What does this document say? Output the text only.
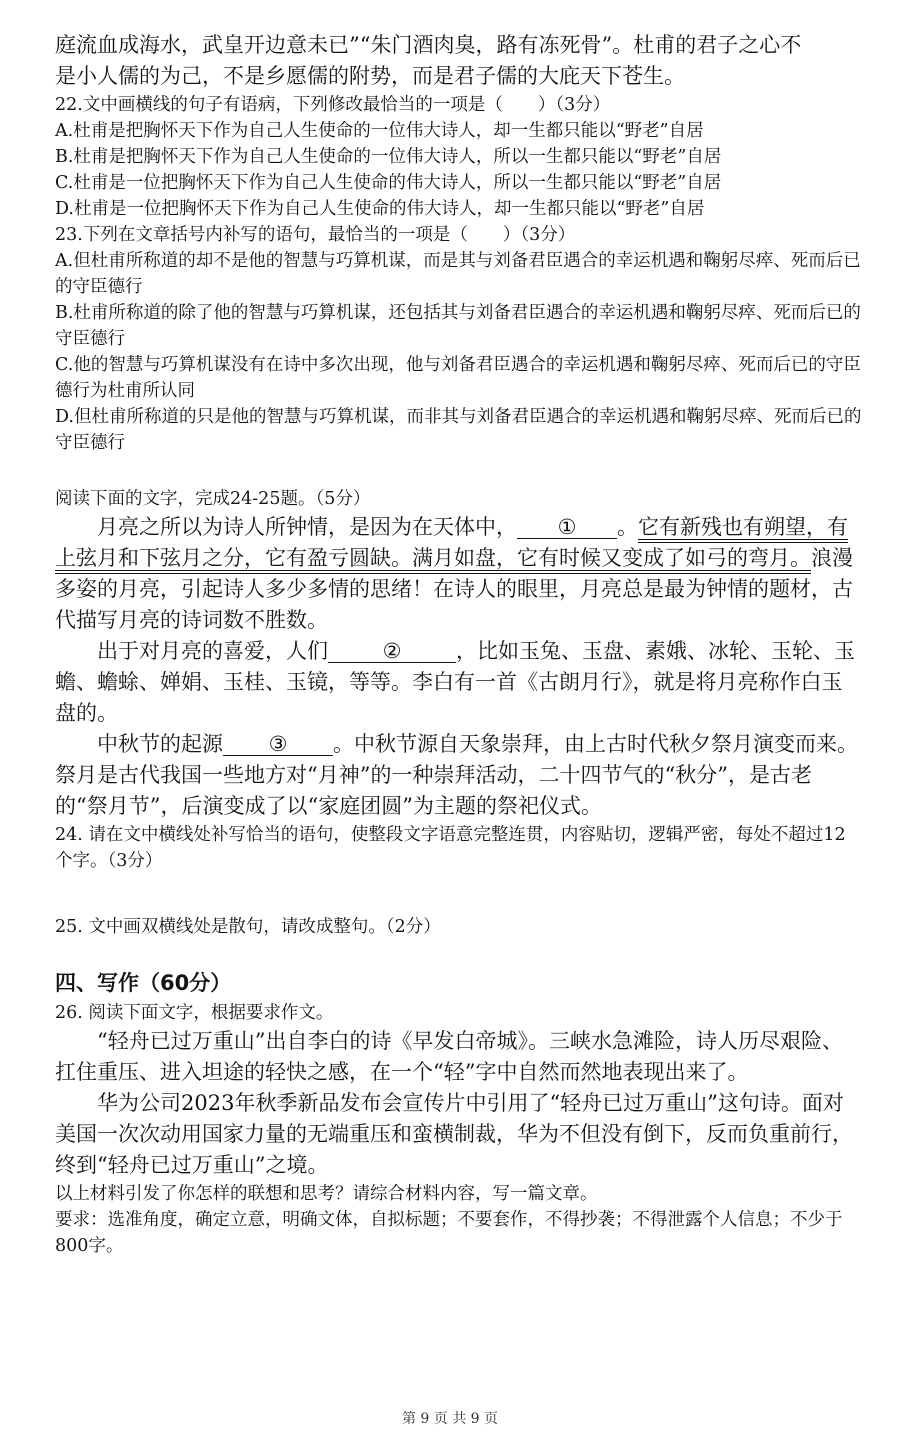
庭流血成海水，武皇开边意未已”“朱门酒肉臭，路有冻死骨”。杜甫的君子之心不

是小人儒的为己，不是乡愿儒的附势，而是君子儒的大庇天下苍生。

22.文中画横线的句子有语病，下列修改最恰当的一项是（　　）（3分）

A.杜甫是把胸怀天下作为自己人生使命的一位伟大诗人，却一生都只能以“野老”自居

B.杜甫是把胸怀天下作为自己人生使命的一位伟大诗人，所以一生都只能以“野老”自居

C.杜甫是一位把胸怀天下作为自己人生使命的伟大诗人，所以一生都只能以“野老”自居

D.杜甫是一位把胸怀天下作为自己人生使命的伟大诗人，却一生都只能以“野老”自居

23.下列在文章括号内补写的语句，最恰当的一项是（　　）（3分）

A.但杜甫所称道的却不是他的智慧与巧算机谋，而是其与刘备君臣遇合的幸运机遇和鞠躬尽瘁、死而后已的守臣德行

B.杜甫所称道的除了他的智慧与巧算机谋，还包括其与刘备君臣遇合的幸运机遇和鞠躬尽瘁、死而后已的守臣德行

C.他的智慧与巧算机谋没有在诗中多次出现，他与刘备君臣遇合的幸运机遇和鞠躬尽瘁、死而后已的守臣德行为杜甫所认同

D.但杜甫所称道的只是他的智慧与巧算机谋，而非其与刘备君臣遇合的幸运机遇和鞠躬尽瘁、死而后已的守臣德行

阅读下面的文字，完成24-25题。（5分）

月亮之所以为诗人所钟情，是因为在天体中， ① 。它有新残也有朔望，有上弦月和下弦月之分，它有盈亏圆缺。满月如盘，它有时候又变成了如弓的弯月。浪漫多姿的月亮，引起诗人多少多情的思绪！在诗人的眼里，月亮总是最为钟情的题材，古代描写月亮的诗词数不胜数。

出于对月亮的喜爱，人们	②	，比如玉兔、玉盘、素娥、冰轮、玉轮、玉蟾、蟾蜍、婵娟、玉桂、玉镜，等等。李白有一首《古朗月行》，就是将月亮称作白玉盘的。

中秋节的起源 ③ 。中秋节源自天象崇拜，由上古时代秋夕祭月演变而来。祭月是古代我国一些地方对“月神”的一种崇拜活动，二十四节气的“秋分”，是古老的“祭月节”，后演变成了以“家庭团圆”为主题的祭祀仪式。

24. 请在文中横线处补写恰当的语句，使整段文字语意完整连贯，内容贴切，逻辑严密，每处不超过12个字。（3分）

25. 文中画双横线处是散句，请改成整句。（2分）

四、写作（60分）

26. 阅读下面文字，根据要求作文。

“轻舟已过万重山”出自李白的诗《早发白帝城》。三峡水急滩险，诗人历尽艰险、扛住重压、进入坦途的轻快之感，在一个“轻”字中自然而然地表现出来了。

华为公司2023年秋季新品发布会宣传片中引用了“轻舟已过万重山”这句诗。面对美国一次次动用国家力量的无端重压和蛮横制裁，华为不但没有倒下，反而负重前行，终到“轻舟已过万重山”之境。

以上材料引发了你怎样的联想和思考？请综合材料内容，写一篇文章。

要求：选准角度，确定立意，明确文体，自拟标题；不要套作，不得抄袭；不得泄露个人信息；不少于800字。

第 9 页 共 9 页
